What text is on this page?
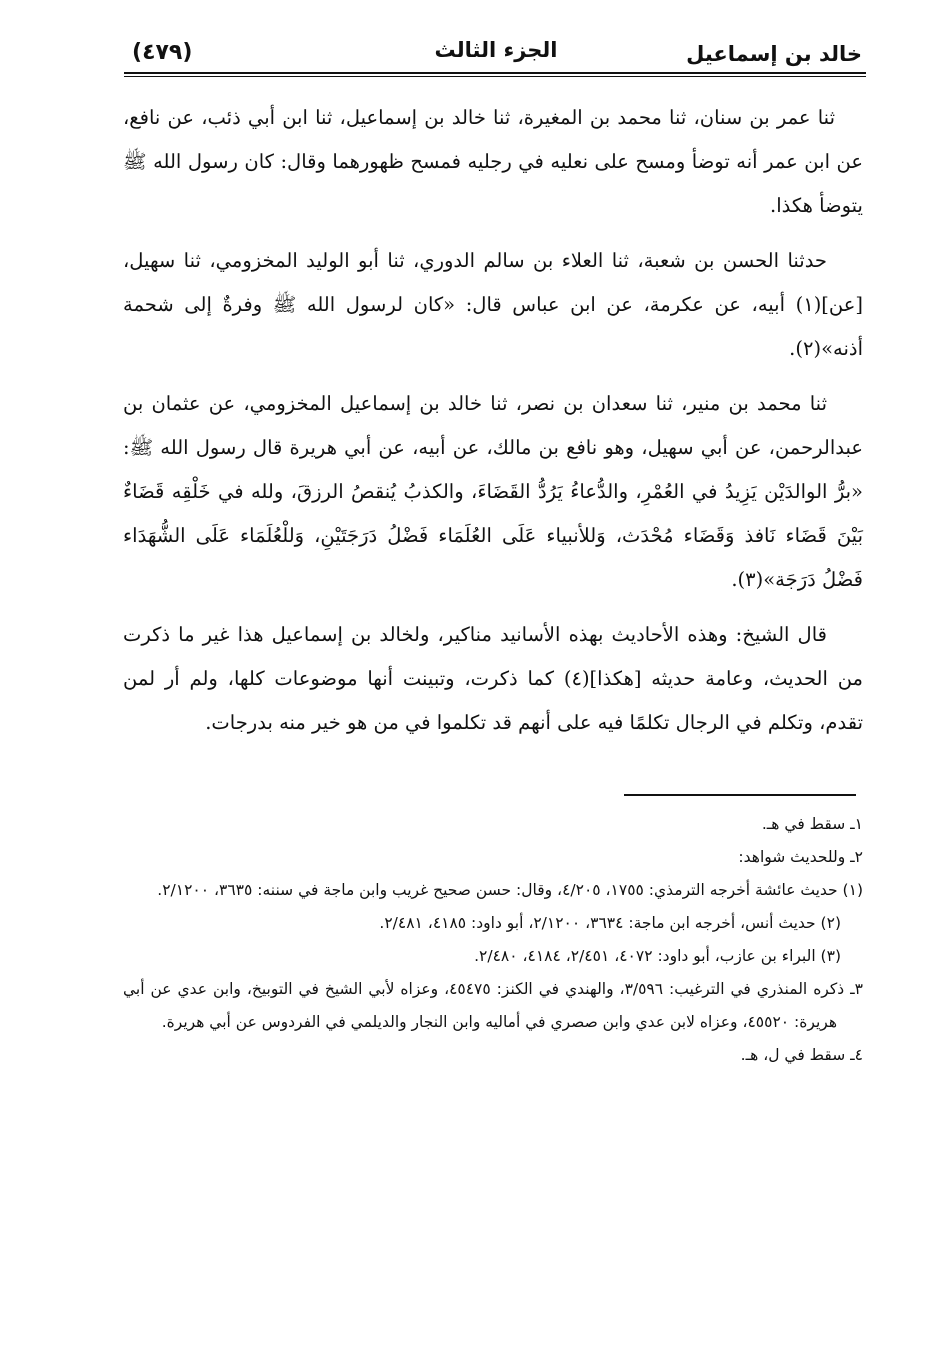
خالد بن إسماعيل
الجزء الثالث
(٤٧٩)

ثنا عمر بن سنان، ثنا محمد بن المغيرة، ثنا خالد بن إسماعيل، ثنا ابن أبي ذئب، عن نافع، عن ابن عمر أنه توضأ ومسح على نعليه في رجليه فمسح ظهورهما وقال: كان رسول الله ﷺ يتوضأ هكذا.

حدثنا الحسن بن شعبة، ثنا العلاء بن سالم الدوري، ثنا أبو الوليد المخزومي، ثنا سهيل، [عن](١) أبيه، عن عكرمة، عن ابن عباس قال: «كان لرسول الله ﷺ وفرةٌ إلى شحمة أذنه»(٢).

ثنا محمد بن منير، ثنا سعدان بن نصر، ثنا خالد بن إسماعيل المخزومي، عن عثمان بن عبدالرحمن، عن أبي سهيل، وهو نافع بن مالك، عن أبيه، عن أبي هريرة قال رسول الله ﷺ: «برُّ الوالدَيْن يَزِيدُ في العُمْرِ، والدُّعاءُ يَرُدُّ القَضَاءَ، والكذبُ يُنقصُ الرزقَ، ولله في خَلْقِه قَضَاءٌ بَيْنَ قَضَاء نَافذ وَقَضَاء مُحْدَث، وَللأنبياء عَلَى العُلَمَاء فَضْلُ دَرَجَتَيْنِ، وَللْعُلَمَاء عَلَى الشُّهَدَاء فَضْلُ دَرَجَة»(٣).

قال الشيخ: وهذه الأحاديث بهذه الأسانيد مناكير، ولخالد بن إسماعيل هذا غير ما ذكرت من الحديث، وعامة حديثه [هكذا](٤) كما ذكرت، وتبينت أنها موضوعات كلها، ولم أر لمن تقدم، وتكلم في الرجال تكلمًا فيه على أنهم قد تكلموا في من هو خير منه بدرجات.

١ـ سقط في هـ.

٢ـ وللحديث شواهد:

(١) حديث عائشة أخرجه الترمذي: ١٧٥٥، ٤/٢٠٥، وقال: حسن صحيح غريب وابن ماجة في سننه: ٣٦٣٥، ٢/١٢٠٠.

(٢) حديث أنس، أخرجه ابن ماجة: ٣٦٣٤، ٢/١٢٠٠، أبو داود: ٤١٨٥، ٢/٤٨١.

(٣) البراء بن عازب، أبو داود: ٤٠٧٢، ٢/٤٥١، ٤١٨٤، ٢/٤٨٠.

٣ـ ذكره المنذري في الترغيب: ٣/٥٩٦، والهندي في الكنز: ٤٥٤٧٥، وعزاه لأبي الشيخ في التوبيخ، وابن عدي عن أبي هريرة: ٤٥٥٢٠، وعزاه لابن عدي وابن صصري في أماليه وابن النجار والديلمي في الفردوس عن أبي هريرة.

٤ـ سقط في ل، هـ.
